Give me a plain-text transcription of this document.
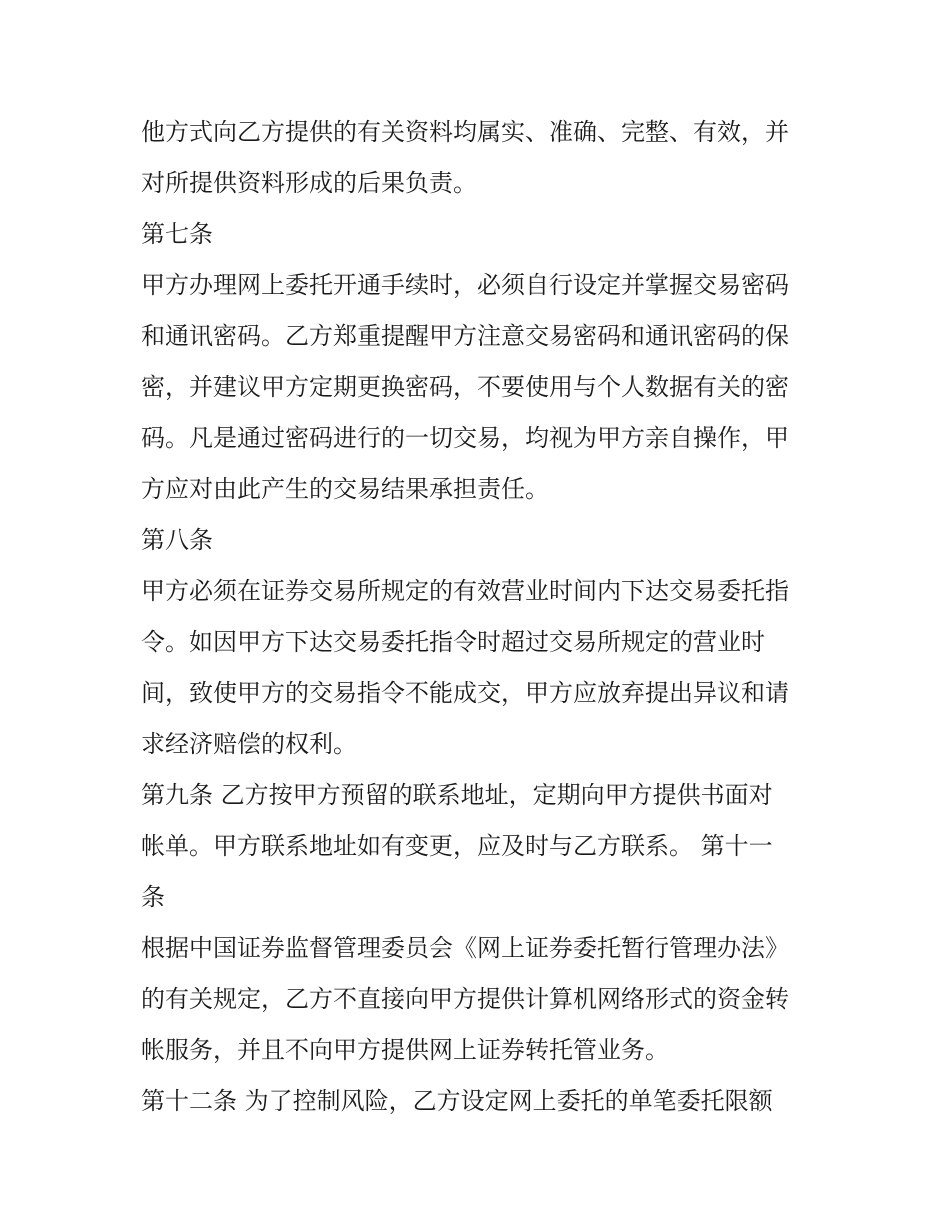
他方式向乙方提供的有关资料均属实、准确、完整、有效，并
对所提供资料形成的后果负责。
第七条
甲方办理网上委托开通手续时，必须自行设定并掌握交易密码
和通讯密码。乙方郑重提醒甲方注意交易密码和通讯密码的保
密，并建议甲方定期更换密码，不要使用与个人数据有关的密
码。凡是通过密码进行的一切交易，均视为甲方亲自操作，甲
方应对由此产生的交易结果承担责任。
第八条
甲方必须在证券交易所规定的有效营业时间内下达交易委托指
令。如因甲方下达交易委托指令时超过交易所规定的营业时
间，致使甲方的交易指令不能成交，甲方应放弃提出异议和请
求经济赔偿的权利。
第九条 乙方按甲方预留的联系地址，定期向甲方提供书面对
帐单。甲方联系地址如有变更，应及时与乙方联系。 第十一
条
根据中国证券监督管理委员会《网上证券委托暂行管理办法》
的有关规定，乙方不直接向甲方提供计算机网络形式的资金转
帐服务，并且不向甲方提供网上证券转托管业务。
第十二条 为了控制风险，乙方设定网上委托的单笔委托限额
